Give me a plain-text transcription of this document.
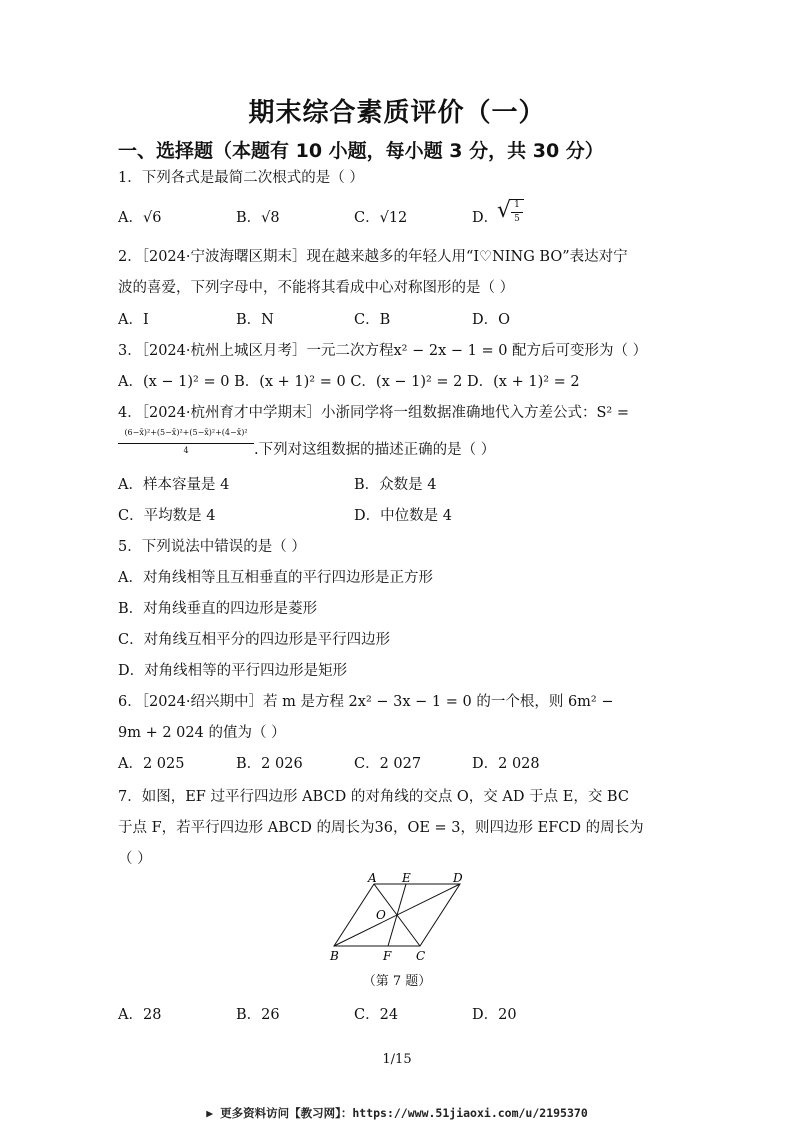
期末综合素质评价（一）
一、选择题（本题有 10 小题，每小题 3 分，共 30 分）
1．下列各式是最简二次根式的是（ ）
A．√6	B．√8	C．√12	D．
√ 1
5
2．［2024·宁波海曙区期末］现在越来越多的年轻人用“I♡NING BO”表达对宁
波的喜爱，下列字母中，不能将其看成中心对称图形的是（ ）
A．I	B．N	C．B	D．O
3．［2024·杭州上城区月考］一元二次方程x² − 2x − 1 = 0 配方后可变形为（ ）
A．(x − 1)² = 0 B．(x + 1)² = 0 C．(x − 1)² = 2 D．(x + 1)² = 2
4．［2024·杭州育才中学期末］小浙同学将一组数据准确地代入方差公式：S² =
(6−x̄)²+(5−x̄)²+(5−x̄)²+(4−x̄)²
4	.下列对这组数据的描述正确的是（ ）
A．样本容量是 4	B．众数是 4
C．平均数是 4	D．中位数是 4
5．下列说法中错误的是（ ）
A．对角线相等且互相垂直的平行四边形是正方形
B．对角线垂直的四边形是菱形
C．对角线互相平分的四边形是平行四边形
D．对角线相等的平行四边形是矩形
6．［2024·绍兴期中］若 m 是方程 2x² − 3x − 1 = 0 的一个根，则 6m² −
9m + 2 024 的值为（ ）
A．2 025	B．2 026	C．2 027	D．2 028
7．如图，EF 过平行四边形 ABCD 的对角线的交点 O，交 AD 于点 E，交 BC
于点 F，若平行四边形 ABCD 的周长为36，OE = 3，则四边形 EFCD 的周长为
（ ）
A E	D
O
B	F C
（第 7 题）
A．28	B．26	C．24	D．20
1/15
▶ 更多资料访问【教习网】：https://www.51jiaoxi.com/u/2195370
